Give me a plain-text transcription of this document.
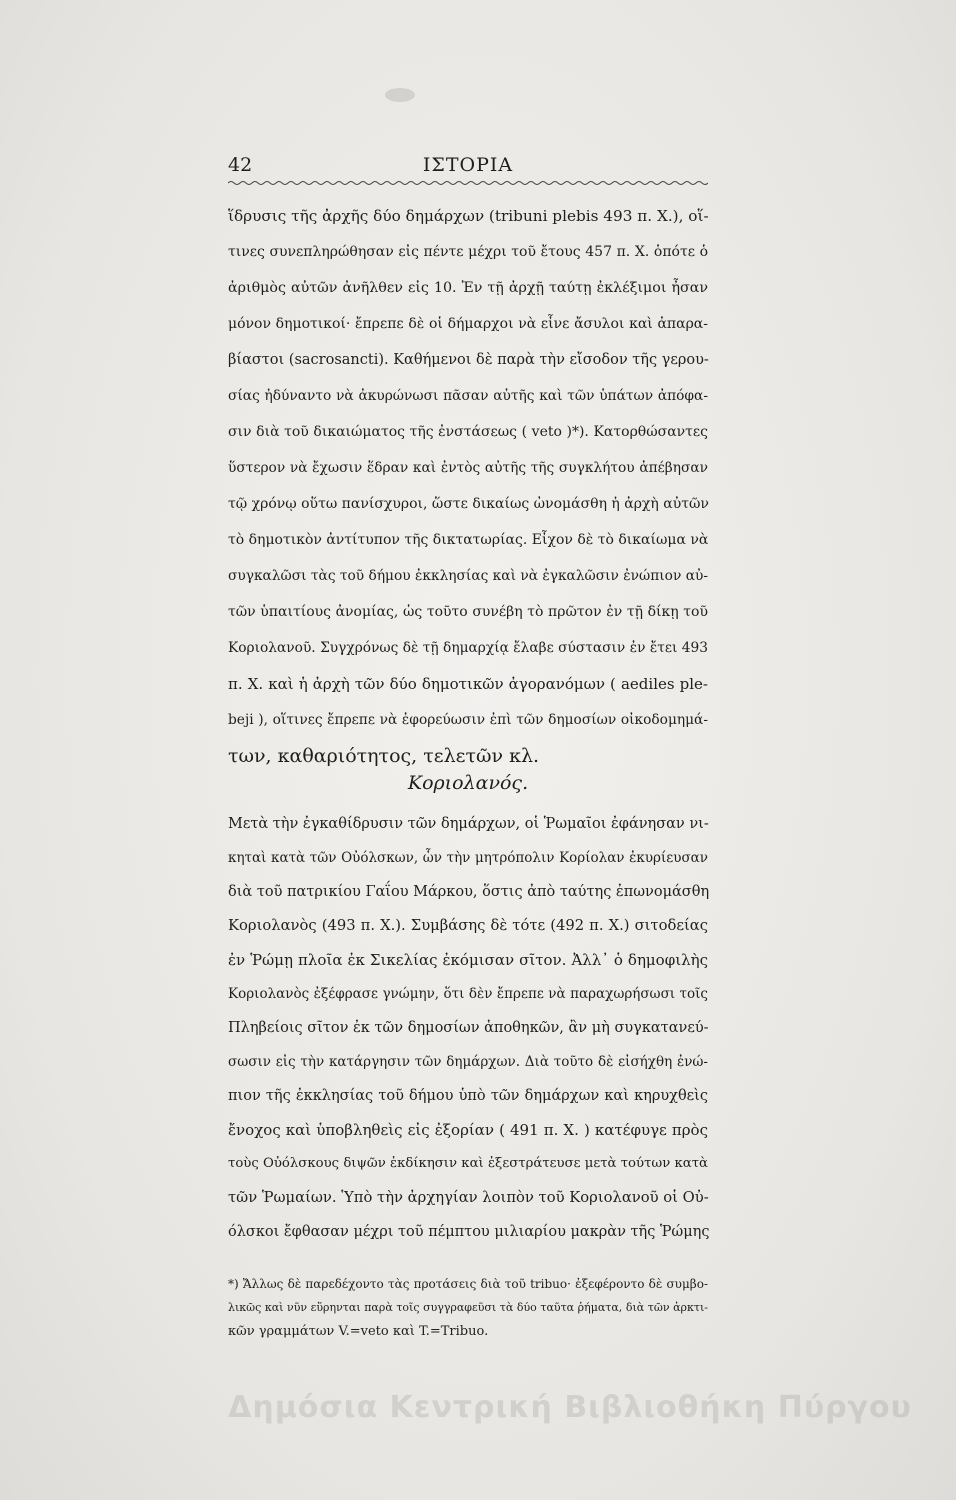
42	ΙΣΤΟΡΙΑ
ἵδρυσις τῆς ἀρχῆς δύο δημάρχων (tribuni plebis 493 π. Χ.), οἵ-
τινες συνεπληρώθησαν εἰς πέντε μέχρι τοῦ ἔτους 457 π. Χ. ὁπότε ὁ
ἀριθμὸς αὐτῶν ἀνῆλθεν εἰς 10. Ἐν τῇ ἀρχῇ ταύτῃ ἐκλέξιμοι ἦσαν
μόνον δημοτικοί· ἔπρεπε δὲ οἱ δήμαρχοι νὰ εἶνε ἄσυλοι καὶ ἀπαρα-
βίαστοι (sacrosancti). Καθήμενοι δὲ παρὰ τὴν εἴσοδον τῆς γερου-
σίας ἠδύναντο νὰ ἀκυρώνωσι πᾶσαν αὐτῆς καὶ τῶν ὑπάτων ἀπόφα-
σιν διὰ τοῦ δικαιώματος τῆς ἐνστάσεως ( veto )*). Κατορθώσαντες
ὕστερον νὰ ἔχωσιν ἕδραν καὶ ἐντὸς αὐτῆς τῆς συγκλήτου ἀπέβησαν
τῷ χρόνῳ οὕτω πανίσχυροι, ὥστε δικαίως ὠνομάσθη ἡ ἀρχὴ αὐτῶν
τὸ δημοτικὸν ἀντίτυπον τῆς δικτατωρίας. Εἶχον δὲ τὸ δικαίωμα νὰ
συγκαλῶσι τὰς τοῦ δήμου ἐκκλησίας καὶ νὰ ἐγκαλῶσιν ἐνώπιον αὐ-
τῶν ὑπαιτίους ἀνομίας, ὡς τοῦτο συνέβη τὸ πρῶτον ἐν τῇ δίκῃ τοῦ
Κοριολανοῦ. Συγχρόνως δὲ τῇ δημαρχίᾳ ἔλαβε σύστασιν ἐν ἔτει 493
π. Χ. καὶ ἡ ἀρχὴ τῶν δύο δημοτικῶν ἀγορανόμων ( aediles ple-
beji ), οἵτινες ἔπρεπε νὰ ἐφορεύωσιν ἐπὶ τῶν δημοσίων οἰκοδομημά-
των, καθαριότητος, τελετῶν κλ.
Κοριολανός.
Μετὰ τὴν ἐγκαθίδρυσιν τῶν δημάρχων, οἱ Ῥωμαῖοι ἐφάνησαν νι-
κηταὶ κατὰ τῶν Οὐόλσκων, ὧν τὴν μητρόπολιν Κορίολαν ἐκυρίευσαν
διὰ τοῦ πατρικίου Γαΐου Μάρκου, ὅστις ἀπὸ ταύτης ἐπωνομάσθη
Κοριολανὸς (493 π. Χ.). Συμβάσης δὲ τότε (492 π. Χ.) σιτοδείας
ἐν Ῥώμῃ πλοῖα ἐκ Σικελίας ἐκόμισαν σῖτον. Ἀλλ᾽ ὁ δημοφιλὴς
Κοριολανὸς ἐξέφρασε γνώμην, ὅτι δὲν ἔπρεπε νὰ παραχωρήσωσι τοῖς
Πληβείοις σῖτον ἐκ τῶν δημοσίων ἀποθηκῶν, ἂν μὴ συγκατανεύ-
σωσιν εἰς τὴν κατάργησιν τῶν δημάρχων. Διὰ τοῦτο δὲ εἰσήχθη ἐνώ-
πιον τῆς ἐκκλησίας τοῦ δήμου ὑπὸ τῶν δημάρχων καὶ κηρυχθεὶς
ἔνοχος καὶ ὑποβληθεὶς εἰς ἐξορίαν ( 491 π. Χ. ) κατέφυγε πρὸς
τοὺς Οὐόλσκους διψῶν ἐκδίκησιν καὶ ἐξεστράτευσε μετὰ τούτων κατὰ
τῶν Ῥωμαίων. Ὑπὸ τὴν ἀρχηγίαν λοιπὸν τοῦ Κοριολανοῦ οἱ Οὐ-
όλσκοι ἔφθασαν μέχρι τοῦ πέμπτου μιλιαρίου μακρὰν τῆς Ῥώμης
*) Ἄλλως δὲ παρεδέχοντο τὰς προτάσεις διὰ τοῦ tribuo· ἐξεφέροντο δὲ συμβο-
λικῶς καὶ νῦν εὕρηνται παρὰ τοῖς συγγραφεῦσι τὰ δύο ταῦτα ῥήματα, διὰ τῶν ἀρκτι-
κῶν γραμμάτων V.=veto καὶ T.=Tribuo.
Δημόσια Κεντρική Βιβλιοθήκη Πύργου
